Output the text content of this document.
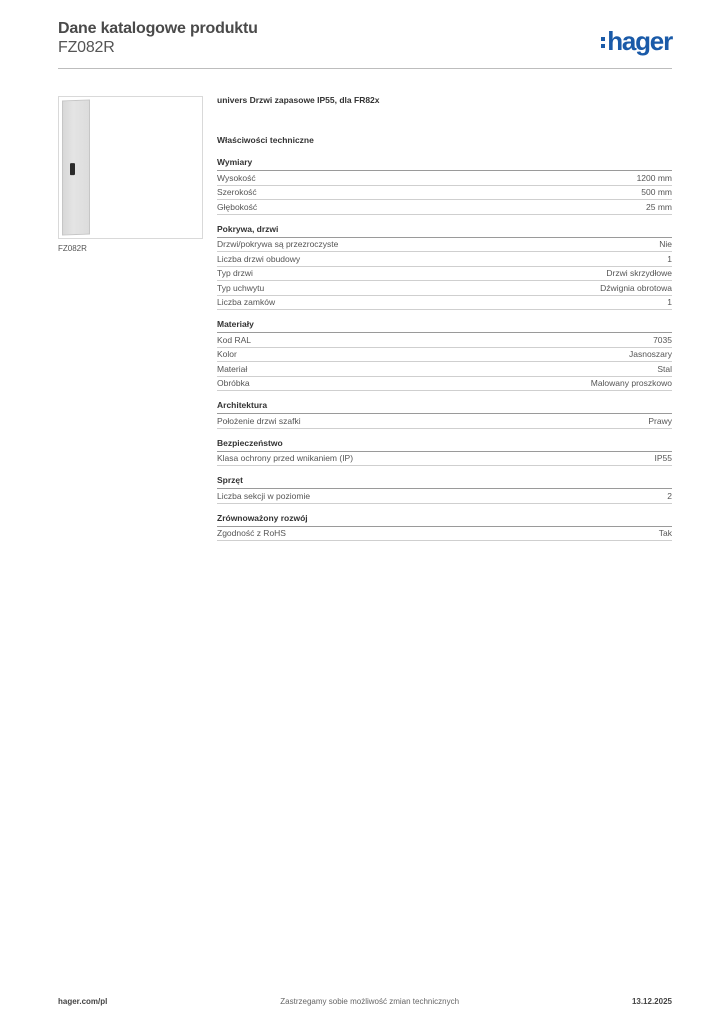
Dane katalogowe produktu
FZ082R	hager
FZ082R
univers Drzwi zapasowe IP55, dla FR82x
Właściwości techniczne
Wymiary
Wysokość	1200 mm
Szerokość	500 mm
Głębokość	25 mm
Pokrywa, drzwi
Drzwi/pokrywa są przezroczyste	Nie
Liczba drzwi obudowy	1
Typ drzwi	Drzwi skrzydłowe
Typ uchwytu	Dźwignia obrotowa
Liczba zamków	1
Materiały
Kod RAL	7035
Kolor	Jasnoszary
Materiał	Stal
Obróbka	Malowany proszkowo
Architektura
Położenie drzwi szafki	Prawy
Bezpieczeństwo
Klasa ochrony przed wnikaniem (IP)	IP55
Sprzęt
Liczba sekcji w poziomie	2
Zrównoważony rozwój
Zgodność z RoHS	Tak
hager.com/pl	Zastrzegamy sobie możliwość zmian technicznych	13.12.2025
